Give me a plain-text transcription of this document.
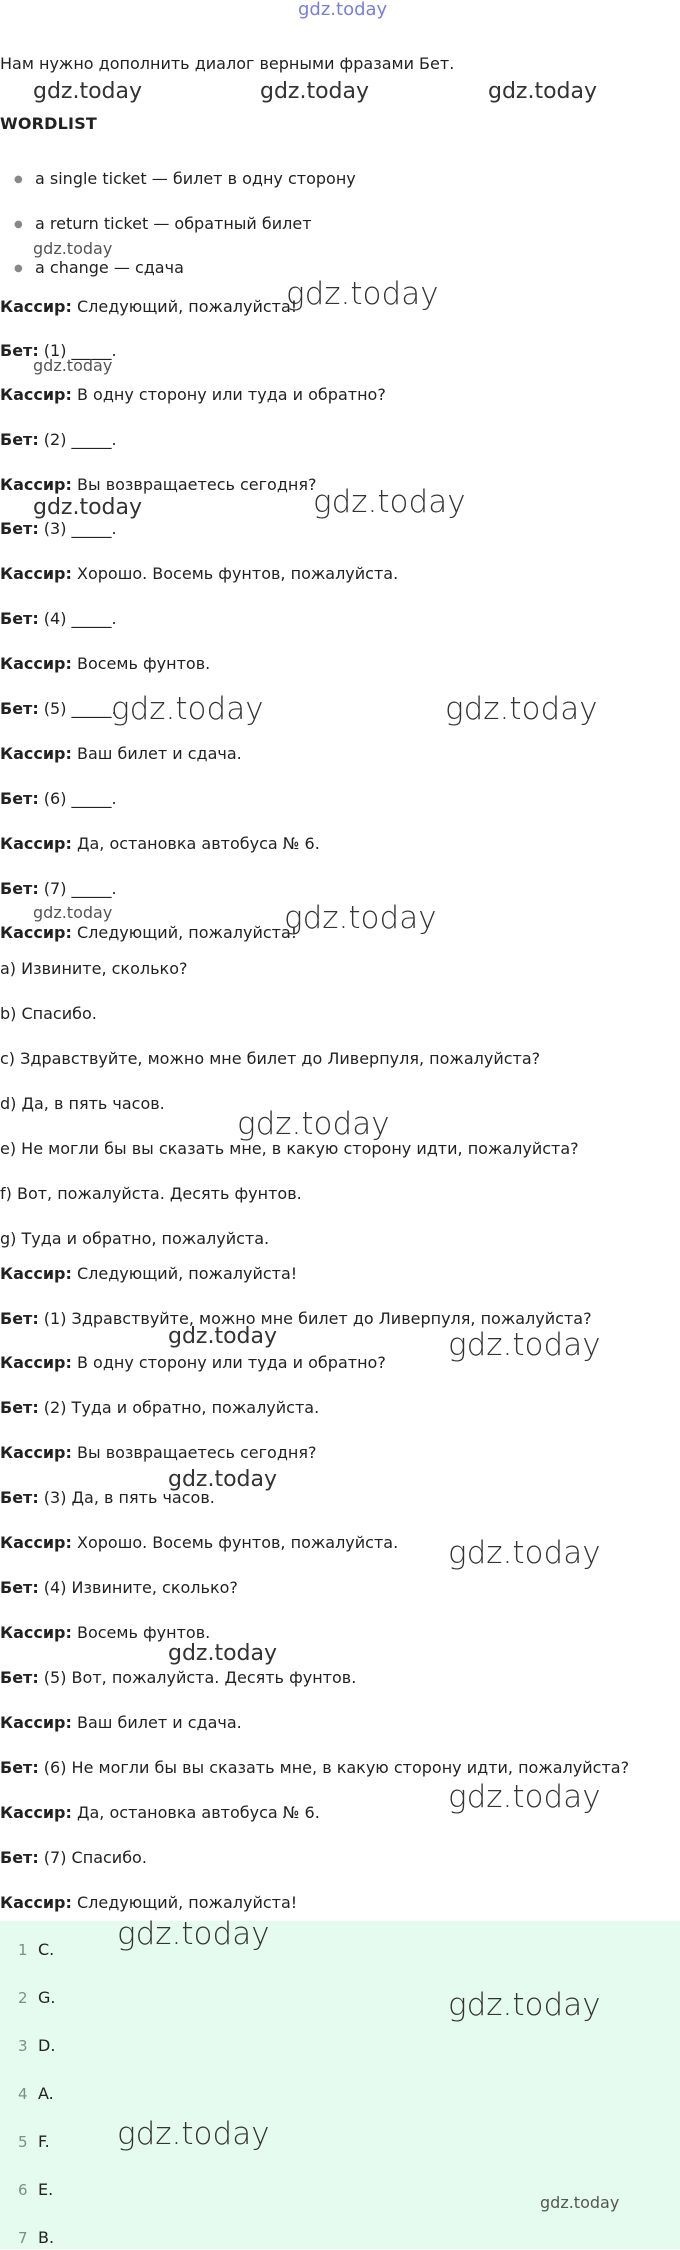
gdz.today
Нам нужно дополнить диалог верными фразами Бет.
gdz.today	gdz.today	gdz.today
WORDLIST
● a single ticket — билет в одну сторону
● a return ticket — обратный билет
gdz.today
● a change — сдача
Кассир: Следующий, пожалуйста!
gdz.today
Бет: (1) _____.
gdz.today
Кассир: В одну сторону или туда и обратно?
Бет: (2) _____.
Кассир: Вы возвращаетесь сегодня?
gdz.today	gdz.today
Бет: (3) _____.
Кассир: Хорошо. Восемь фунтов, пожалуйста.
Бет: (4) _____.
Кассир: Восемь фунтов.
Бет: (5) _____.
gdz.today	gdz.today
Кассир: Ваш билет и сдача.
Бет: (6) _____.
Кассир: Да, остановка автобуса № 6.
Бет: (7) _____.
gdz.today
Кассир: Следующий, пожалуйста!
gdz.today
a) Извините, сколько?
b) Спасибо.
c) Здравствуйте, можно мне билет до Ливерпуля, пожалуйста?
d) Да, в пять часов.
gdz.today
e) Не могли бы вы сказать мне, в какую сторону идти, пожалуйста?
f) Вот, пожалуйста. Десять фунтов.
g) Туда и обратно, пожалуйста.
Кассир: Следующий, пожалуйста!
Бет: (1) Здравствуйте, можно мне билет до Ливерпуля, пожалуйста?
gdz.today	gdz.today
Кассир: В одну сторону или туда и обратно?
Бет: (2) Туда и обратно, пожалуйста.
Кассир: Вы возвращаетесь сегодня?
gdz.today
Бет: (3) Да, в пять часов.
Кассир: Хорошо. Восемь фунтов, пожалуйста. gdz.today
Бет: (4) Извините, сколько?
Кассир: Восемь фунтов.
gdz.today
Бет: (5) Вот, пожалуйста. Десять фунтов.
Кассир: Ваш билет и сдача.
Бет: (6) Не могли бы вы сказать мне, в какую сторону идти, пожалуйста?
gdz.today
Кассир: Да, остановка автобуса № 6.
Бет: (7) Спасибо.
Кассир: Следующий, пожалуйста!
1 C.
2 G.
3 D.
4 A.
5 F.
6 E.
7 B.
gdz.today
gdz.today
gdz.today
gdz.today
